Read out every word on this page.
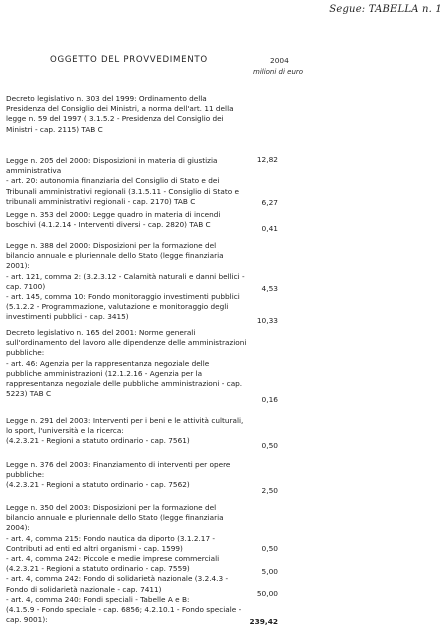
Segue: TABELLA n. 1
OGGETTO DEL PROVVEDIMENTO	2004
milioni di euro
Decreto legislativo n. 303 del 1999: Ordinamento della
Presidenza del Consiglio dei Ministri, a norma dell'art. 11 della
legge n. 59 del 1997 ( 3.1.5.2 - Presidenza del Consiglio dei
Ministri - cap. 2115) TAB C
Legge n. 205 del 2000: Disposizioni in materia di giustizia
amministrativa
- art. 20: autonomia finanziaria del Consiglio di Stato e dei
Tribunali amministrativi regionali (3.1.5.11 - Consiglio di Stato e
tribunali amministrativi regionali - cap. 2170) TAB C
Legge n. 353 del 2000: Legge quadro in materia di incendi
boschivi (4.1.2.14 - Interventi diversi - cap. 2820) TAB C
Legge n. 388 del 2000: Disposizioni per la formazione del
bilancio annuale e pluriennale dello Stato (legge finanziaria
2001):
- art. 121, comma 2: (3.2.3.12 - Calamità naturali e danni bellici -
cap. 7100)
- art. 145, comma 10: Fondo monitoraggio investimenti pubblici
(5.1.2.2 - Programmazione, valutazione e monitoraggio degli
investimenti pubblici - cap. 3415)
Decreto legislativo n. 165 del 2001: Norme generali
sull'ordinamento del lavoro alle dipendenze delle amministrazioni
pubbliche:
- art. 46: Agenzia per la rappresentanza negoziale delle
pubbliche amministrazioni (12.1.2.16 - Agenzia per la
rappresentanza negoziale delle pubbliche amministrazioni - cap.
5223) TAB C
Legge n. 291 del 2003: Interventi per i beni e le attività culturali,
lo sport, l'università e la ricerca:
(4.2.3.21 - Regioni a statuto ordinario - cap. 7561)
Legge n. 376 del 2003: Finanziamento di interventi per opere
pubbliche:
(4.2.3.21 - Regioni a statuto ordinario - cap. 7562)
Legge n. 350 del 2003: Disposizioni per la formazione del
bilancio annuale e pluriennale dello Stato (legge finanziaria
2004):
- art. 4, comma 215: Fondo nautica da diporto (3.1.2.17 -
Contributi ad enti ed altri organismi - cap. 1599)
- art. 4, comma 242: Piccole e medie imprese commerciali
(4.2.3.21 - Regioni a statuto ordinario - cap. 7559)
- art. 4, comma 242: Fondo di solidarietà nazionale (3.2.4.3 -
Fondo di solidarietà nazionale - cap. 7411)
- art. 4, comma 240: Fondi speciali - Tabelle A e B:
(4.1.5.9 - Fondo speciale - cap. 6856; 4.2.10.1 - Fondo speciale -
cap. 9001):
12,82
6,27
0,41
4,53
10,33
0,16
0,50
2,50
0,50
5,00
50,00
239,42
